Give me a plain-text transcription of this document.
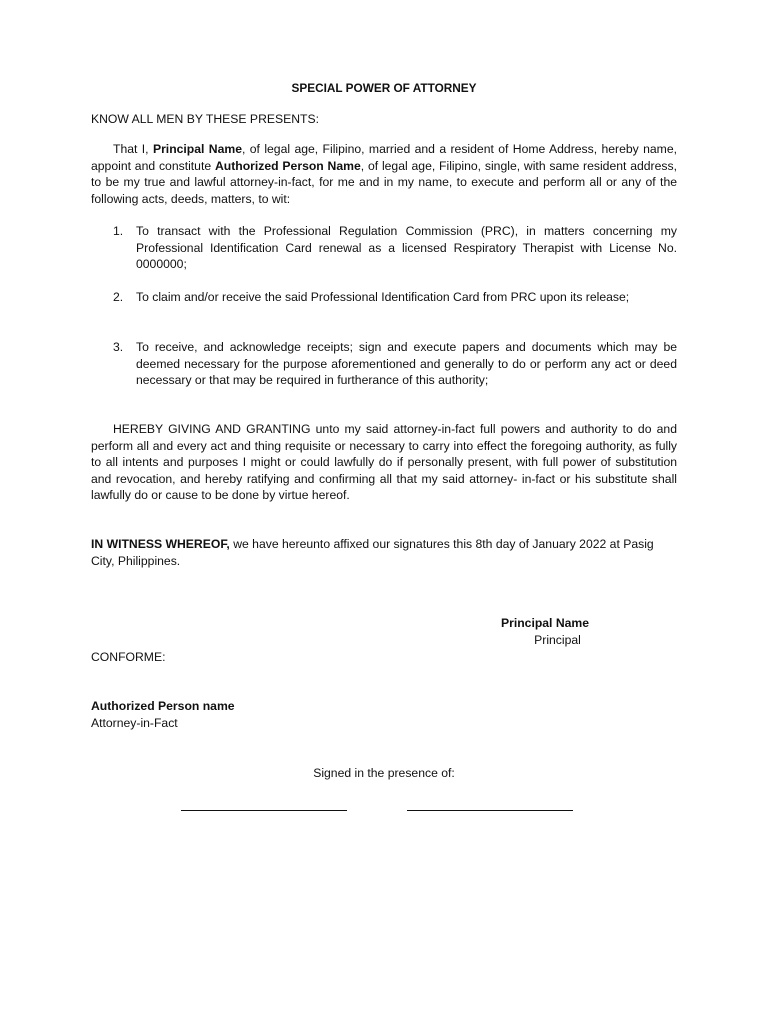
SPECIAL POWER OF ATTORNEY
KNOW ALL MEN BY THESE PRESENTS:
That I, Principal Name, of legal age, Filipino, married and a resident of Home Address, hereby name, appoint and constitute Authorized Person Name, of legal age, Filipino, single, with same resident address, to be my true and lawful attorney-in-fact, for me and in my name, to execute and perform all or any of the following acts, deeds, matters, to wit:
1.	To transact with the Professional Regulation Commission (PRC), in matters concerning my Professional Identification Card renewal as a licensed Respiratory Therapist with License No. 0000000;
2.	To claim and/or receive the said Professional Identification Card from PRC upon its release;
3.	To receive, and acknowledge receipts; sign and execute papers and documents which may be deemed necessary for the purpose aforementioned and generally to do or perform any act or deed necessary or that may be required in furtherance of this authority;
HEREBY GIVING AND GRANTING unto my said attorney-in-fact full powers and authority to do and perform all and every act and thing requisite or necessary to carry into effect the foregoing authority, as fully to all intents and purposes I might or could lawfully do if personally present, with full power of substitution and revocation, and hereby ratifying and confirming all that my said attorney- in-fact or his substitute shall lawfully do or cause to be done by virtue hereof.
IN WITNESS WHEREOF, we have hereunto affixed our signatures this 8th day of January 2022 at Pasig City, Philippines.
Principal Name
Principal
CONFORME:
Authorized Person name
Attorney-in-Fact
Signed in the presence of:
